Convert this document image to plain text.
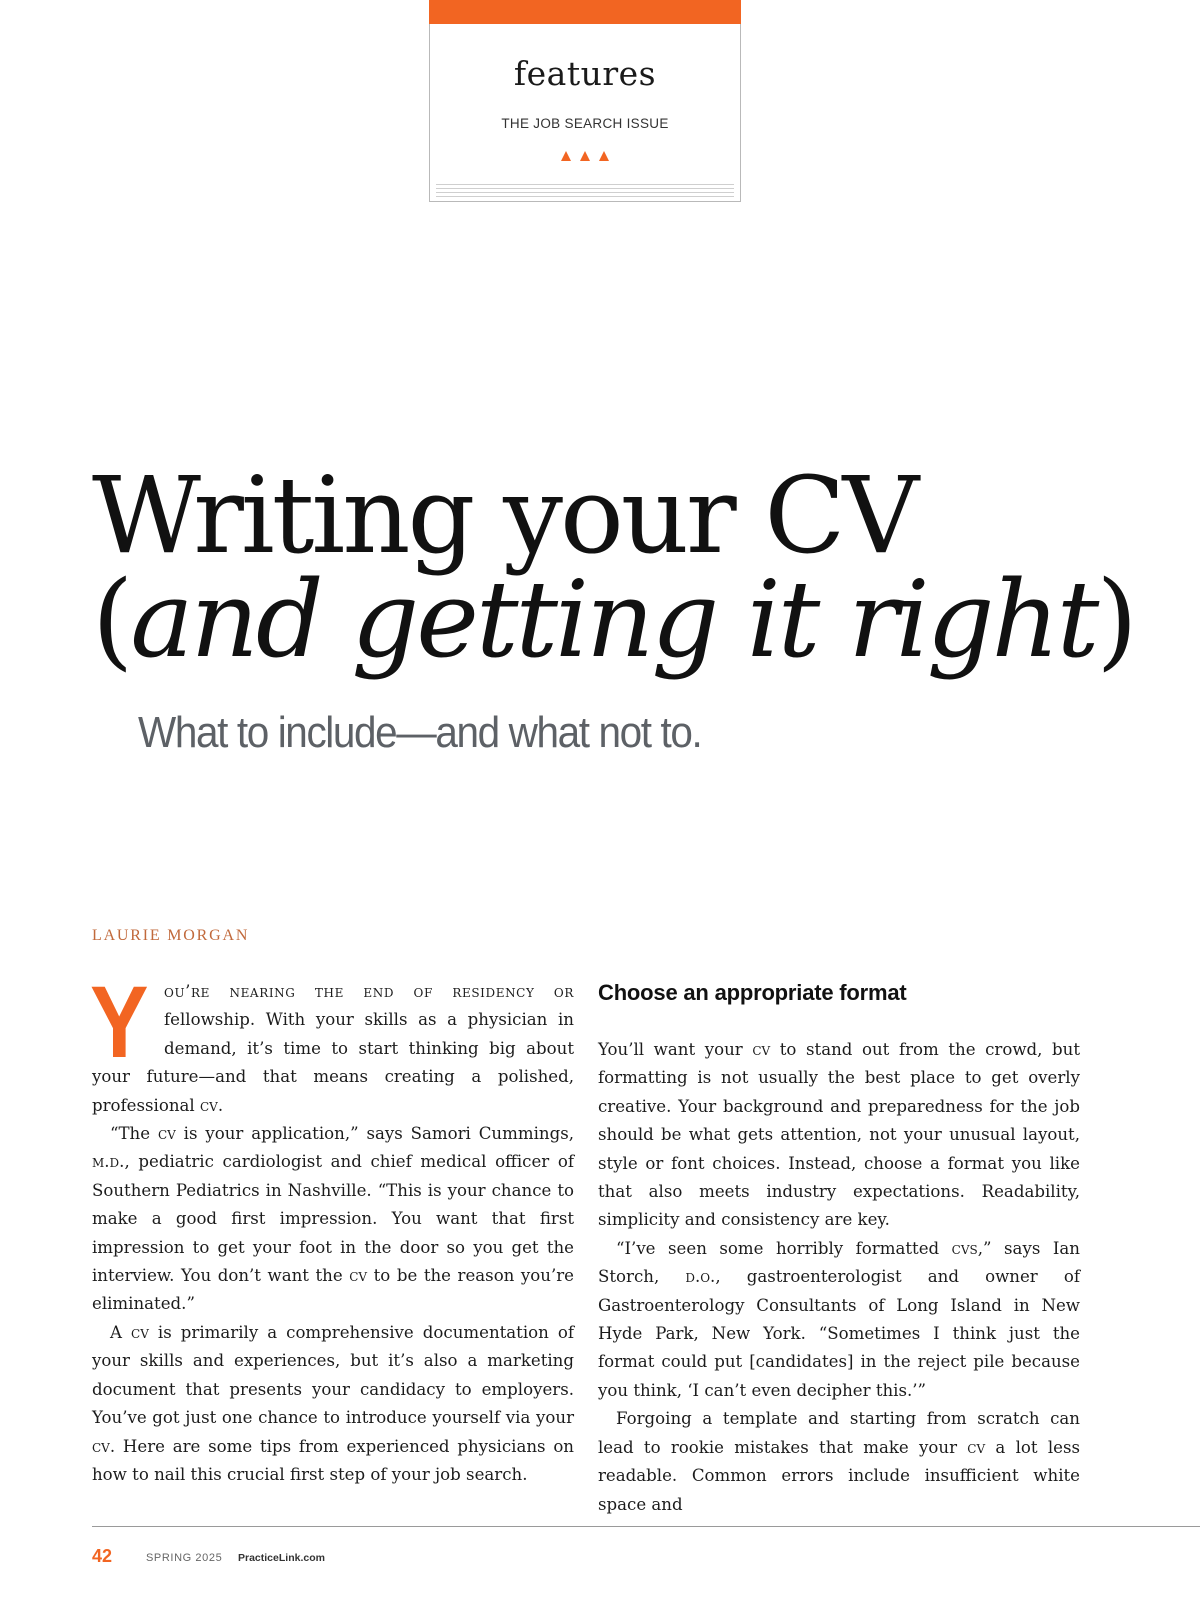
features
THE JOB SEARCH ISSUE
Writing your CV
(and getting it right)
What to include—and what not to.
LAURIE MORGAN

You’re nearing the end of residency or fellowship. With your skills as a physician in demand, it’s time to start thinking big about your future—and that means creating a polished, professional cv.

“The cv is your application,” says Samori Cummings, m.d., pediatric cardiologist and chief medical officer of Southern Pediatrics in Nashville. “This is your chance to make a good first impression. You want that first impression to get your foot in the door so you get the interview. You don’t want the cv to be the reason you’re eliminated.”

A cv is primarily a comprehensive documentation of your skills and experiences, but it’s also a marketing document that presents your candidacy to employers. You’ve got just one chance to introduce yourself via your cv. Here are some tips from experienced physicians on how to nail this crucial first step of your job search.

Choose an appropriate format

You’ll want your cv to stand out from the crowd, but formatting is not usually the best place to get overly creative. Your background and preparedness for the job should be what gets attention, not your unusual layout, style or font choices. Instead, choose a format you like that also meets industry expectations. Readability, simplicity and consistency are key.

“I’ve seen some horribly formatted cvs,” says Ian Storch, d.o., gastroenterologist and owner of Gastroenterology Consultants of Long Island in New Hyde Park, New York. “Sometimes I think just the format could put [candidates] in the reject pile because you think, ‘I can’t even decipher this.’”

Forgoing a template and starting from scratch can lead to rookie mistakes that make your cv a lot less readable. Common errors include insufficient white space and

42	SPRING 2025 PracticeLink.com
